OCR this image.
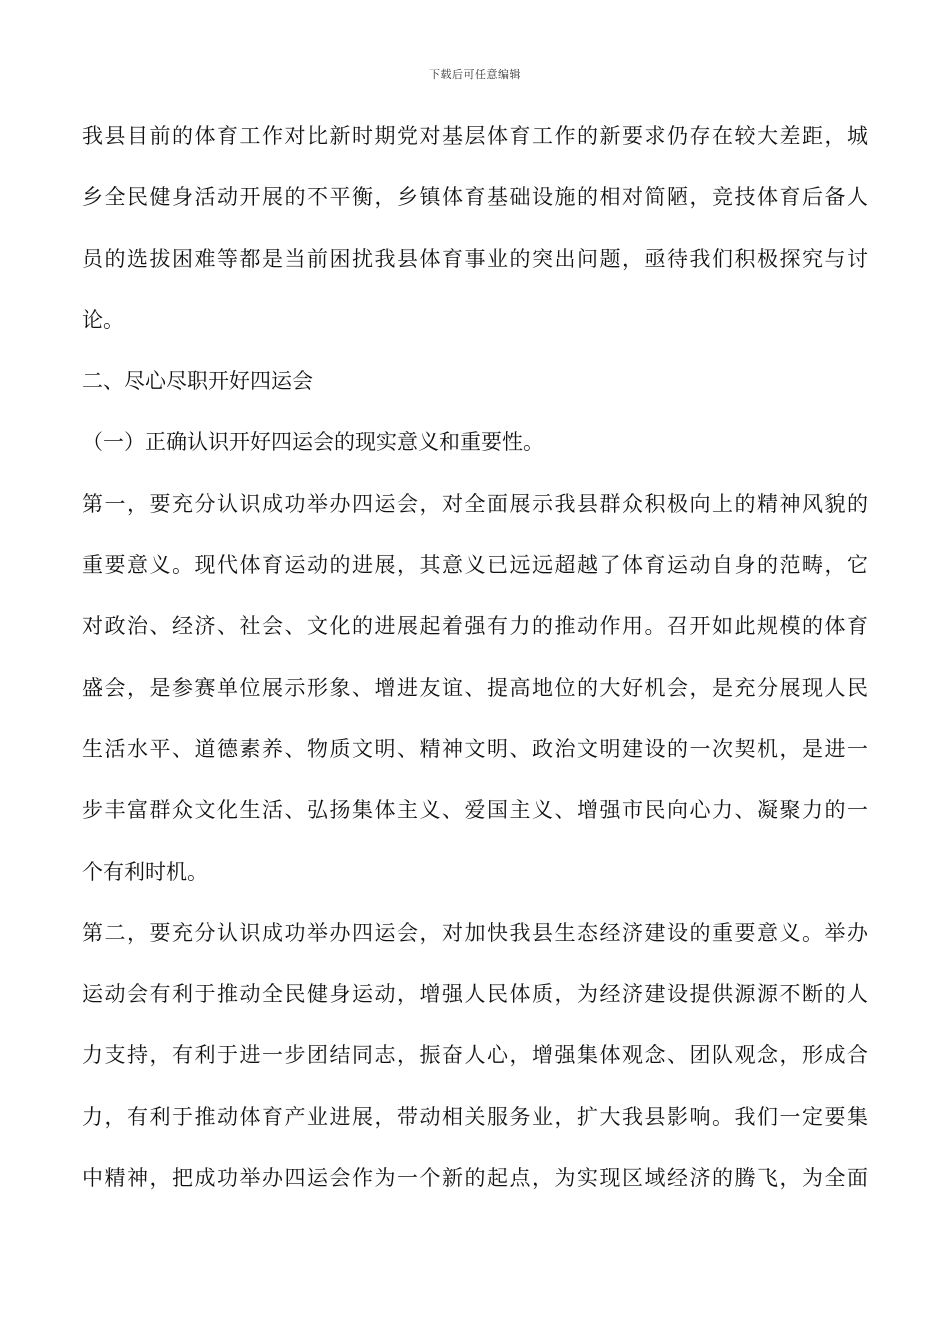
下载后可任意编辑
我县目前的体育工作对比新时期党对基层体育工作的新要求仍存在较大差距，城
乡全民健身活动开展的不平衡，乡镇体育基础设施的相对简陋，竞技体育后备人
员的选拔困难等都是当前困扰我县体育事业的突出问题，亟待我们积极探究与讨
论。
二、尽心尽职开好四运会
（一）正确认识开好四运会的现实意义和重要性。
第一，要充分认识成功举办四运会，对全面展示我县群众积极向上的精神风貌的
重要意义。现代体育运动的进展，其意义已远远超越了体育运动自身的范畴，它
对政治、经济、社会、文化的进展起着强有力的推动作用。召开如此规模的体育
盛会，是参赛单位展示形象、增进友谊、提高地位的大好机会，是充分展现人民
生活水平、道德素养、物质文明、精神文明、政治文明建设的一次契机，是进一
步丰富群众文化生活、弘扬集体主义、爱国主义、增强市民向心力、凝聚力的一
个有利时机。
第二，要充分认识成功举办四运会，对加快我县生态经济建设的重要意义。举办
运动会有利于推动全民健身运动，增强人民体质，为经济建设提供源源不断的人
力支持，有利于进一步团结同志，振奋人心，增强集体观念、团队观念，形成合
力，有利于推动体育产业进展，带动相关服务业，扩大我县影响。我们一定要集
中精神，把成功举办四运会作为一个新的起点，为实现区域经济的腾飞，为全面
